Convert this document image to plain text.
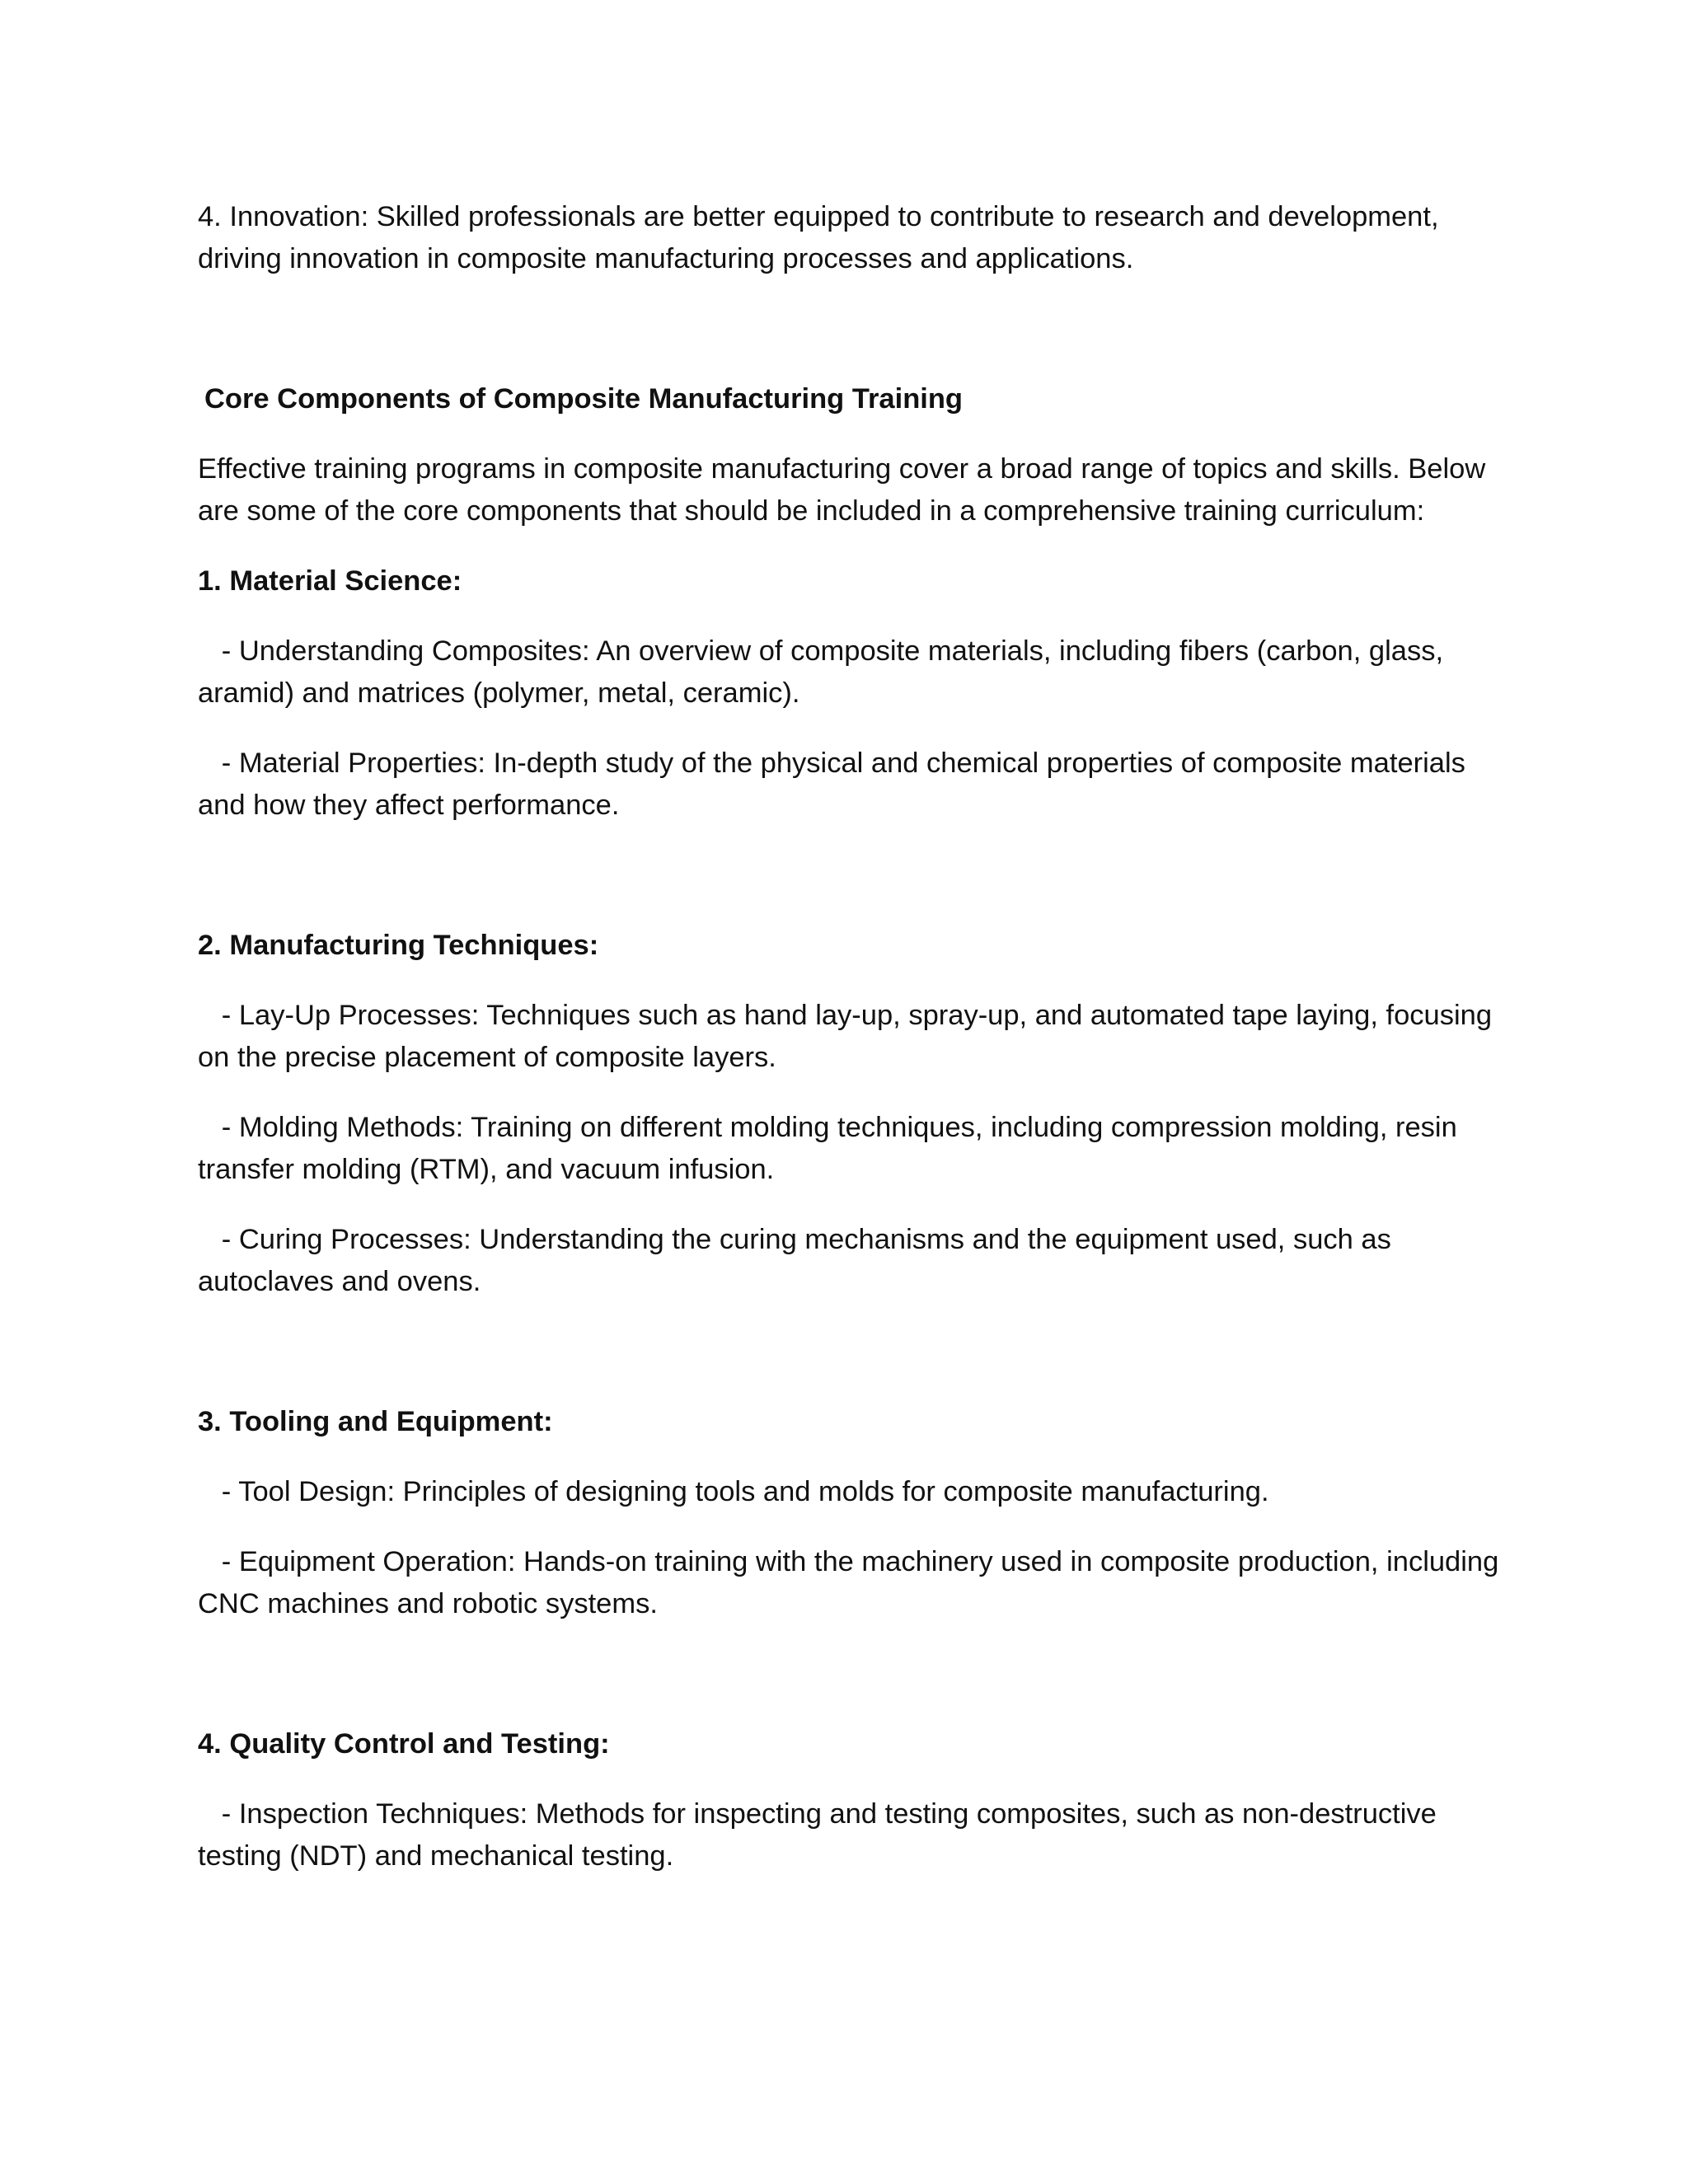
4. Innovation: Skilled professionals are better equipped to contribute to research and development, driving innovation in composite manufacturing processes and applications.

Core Components of Composite Manufacturing Training

Effective training programs in composite manufacturing cover a broad range of topics and skills. Below are some of the core components that should be included in a comprehensive training curriculum:

1. Material Science:

- Understanding Composites: An overview of composite materials, including fibers (carbon, glass, aramid) and matrices (polymer, metal, ceramic).

- Material Properties: In-depth study of the physical and chemical properties of composite materials and how they affect performance.

2. Manufacturing Techniques:

- Lay-Up Processes: Techniques such as hand lay-up, spray-up, and automated tape laying, focusing on the precise placement of composite layers.

- Molding Methods: Training on different molding techniques, including compression molding, resin transfer molding (RTM), and vacuum infusion.

- Curing Processes: Understanding the curing mechanisms and the equipment used, such as autoclaves and ovens.

3. Tooling and Equipment:

- Tool Design: Principles of designing tools and molds for composite manufacturing.

- Equipment Operation: Hands-on training with the machinery used in composite production, including CNC machines and robotic systems.

4. Quality Control and Testing:

- Inspection Techniques: Methods for inspecting and testing composites, such as non-destructive testing (NDT) and mechanical testing.
